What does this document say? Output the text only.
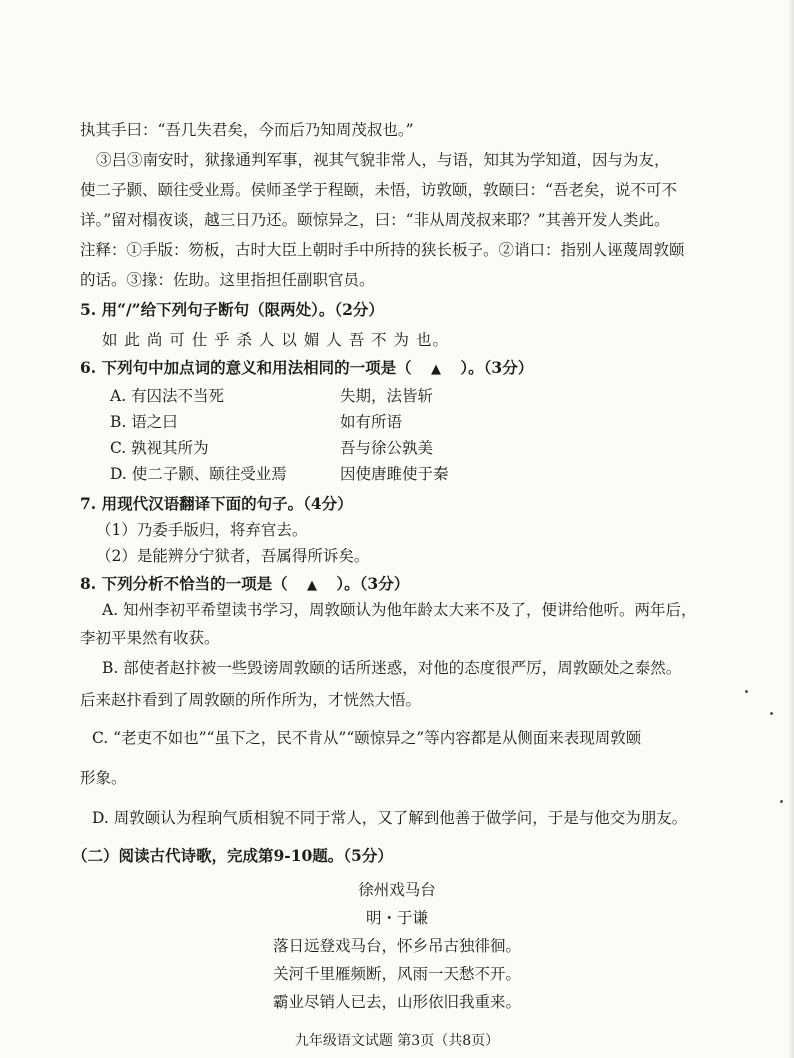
执其手曰：“吾几失君矣，今而后乃知周茂叔也。”
③吕③南安时，狱掾通判军事，视其气貌非常人，与语，知其为学知道，因与为友，
使二子颢、颐往受业焉。侯师圣学于程颐，未悟，访敦颐，敦颐曰：“吾老矣，说不可不
详。”留对榻夜谈，越三日乃还。颐惊异之，曰：“非从周茂叔来耶？”其善开发人类此。
注释：①手版：笏板，古时大臣上朝时手中所持的狭长板子。②诮口：指别人诬蔑周敦颐
的话。③掾：佐助。这里指担任副职官员。
5. 用“/”给下列句子断句（限两处）。（2分）
如 此 尚 可 仕 乎 杀 人 以 媚 人 吾 不 为 也。
6. 下列句中加点词的意义和用法相同的一项是（ ▲ ）。（3分）
A. 有囚法不当死	失期，法皆斩
B. 语之曰	如有所语
C. 孰视其所为	吾与徐公孰美
D. 使二子颢、颐往受业焉	因使唐雎使于秦
7. 用现代汉语翻译下面的句子。（4分）
（1）乃委手版归，将弃官去。
（2）是能辨分宁狱者，吾属得所诉矣。
8. 下列分析不恰当的一项是（ ▲ ）。（3分）
A. 知州李初平希望读书学习，周敦颐认为他年龄太大来不及了，便讲给他听。两年后，
李初平果然有收获。
B. 部使者赵抃被一些毁谤周敦颐的话所迷惑，对他的态度很严厉，周敦颐处之泰然。
后来赵抃看到了周敦颐的所作所为，才恍然大悟。
C. “老吏不如也”“虽下之，民不肯从”“颐惊异之”等内容都是从侧面来表现周敦颐
形象。
D. 周敦颐认为程珦气质相貌不同于常人，又了解到他善于做学问，于是与他交为朋友。
（二）阅读古代诗歌，完成第9-10题。（5分）
徐州戏马台
明・于谦
落日远登戏马台，怀乡吊古独徘徊。
关河千里雁频断，风雨一天愁不开。
霸业尽销人已去，山形依旧我重来。
九年级语文试题 第3页（共8页）
